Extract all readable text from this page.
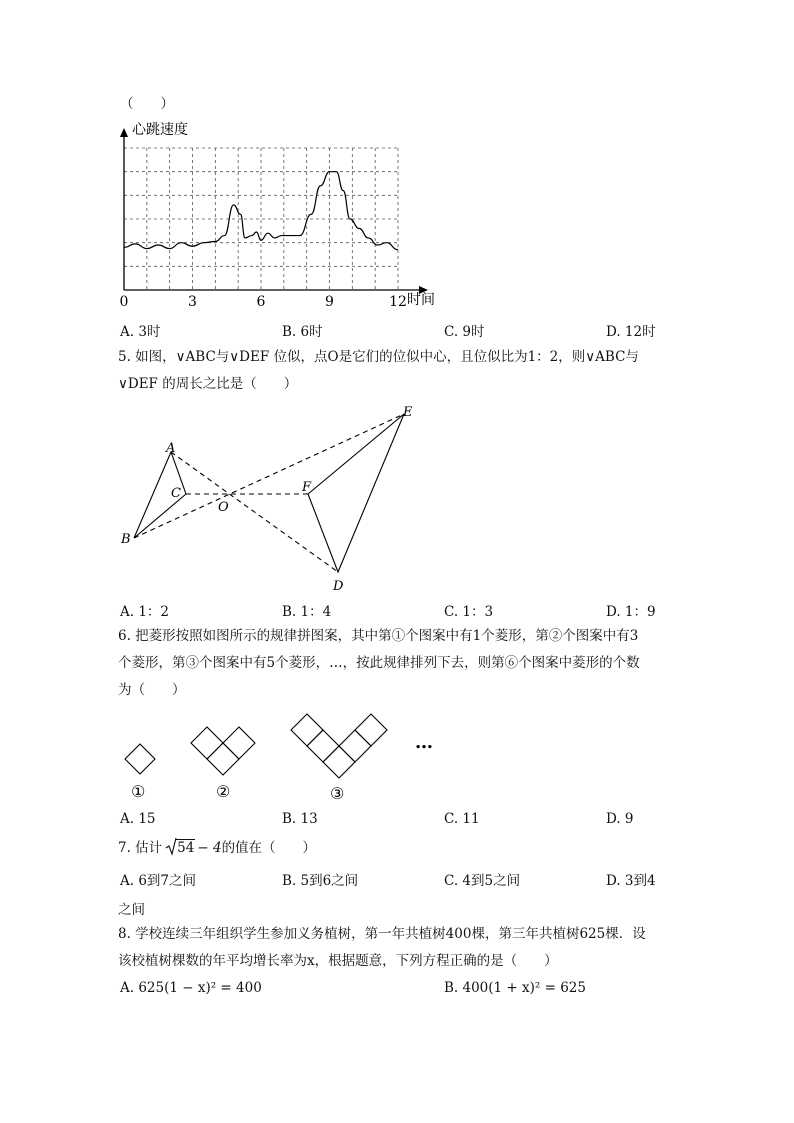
（　　）
0	3	6	9	12
心跳速度
时间
A. 3时	B. 6时	C. 9时	D. 12时
5. 如图，∨ABC与∨DEF 位似，点O是它们的位似中心，且位似比为1：2，则∨ABC与
∨DEF 的周长之比是（　　）
A
B
C
O
D
E
F
A. 1：2	B. 1：4	C. 1：3	D. 1：9
6. 把菱形按照如图所示的规律拼图案，其中第①个图案中有1个菱形，第②个图案中有3
个菱形，第③个图案中有5个菱形，…，按此规律排列下去，则第⑥个图案中菱形的个数
为（　　）
…
①	②	③
A. 15	B. 13	C. 11	D. 9
7. 估计	54 − 4 的值在（　　）
A. 6到7之间	B. 5到6之间	C. 4到5之间	D. 3到4
之间
8. 学校连续三年组织学生参加义务植树，第一年共植树400棵，第三年共植树625棵．设
该校植树棵数的年平均增长率为x，根据题意，下列方程正确的是（　　）
A. 625(1 − x)² = 400	B. 400(1 + x)² = 625
